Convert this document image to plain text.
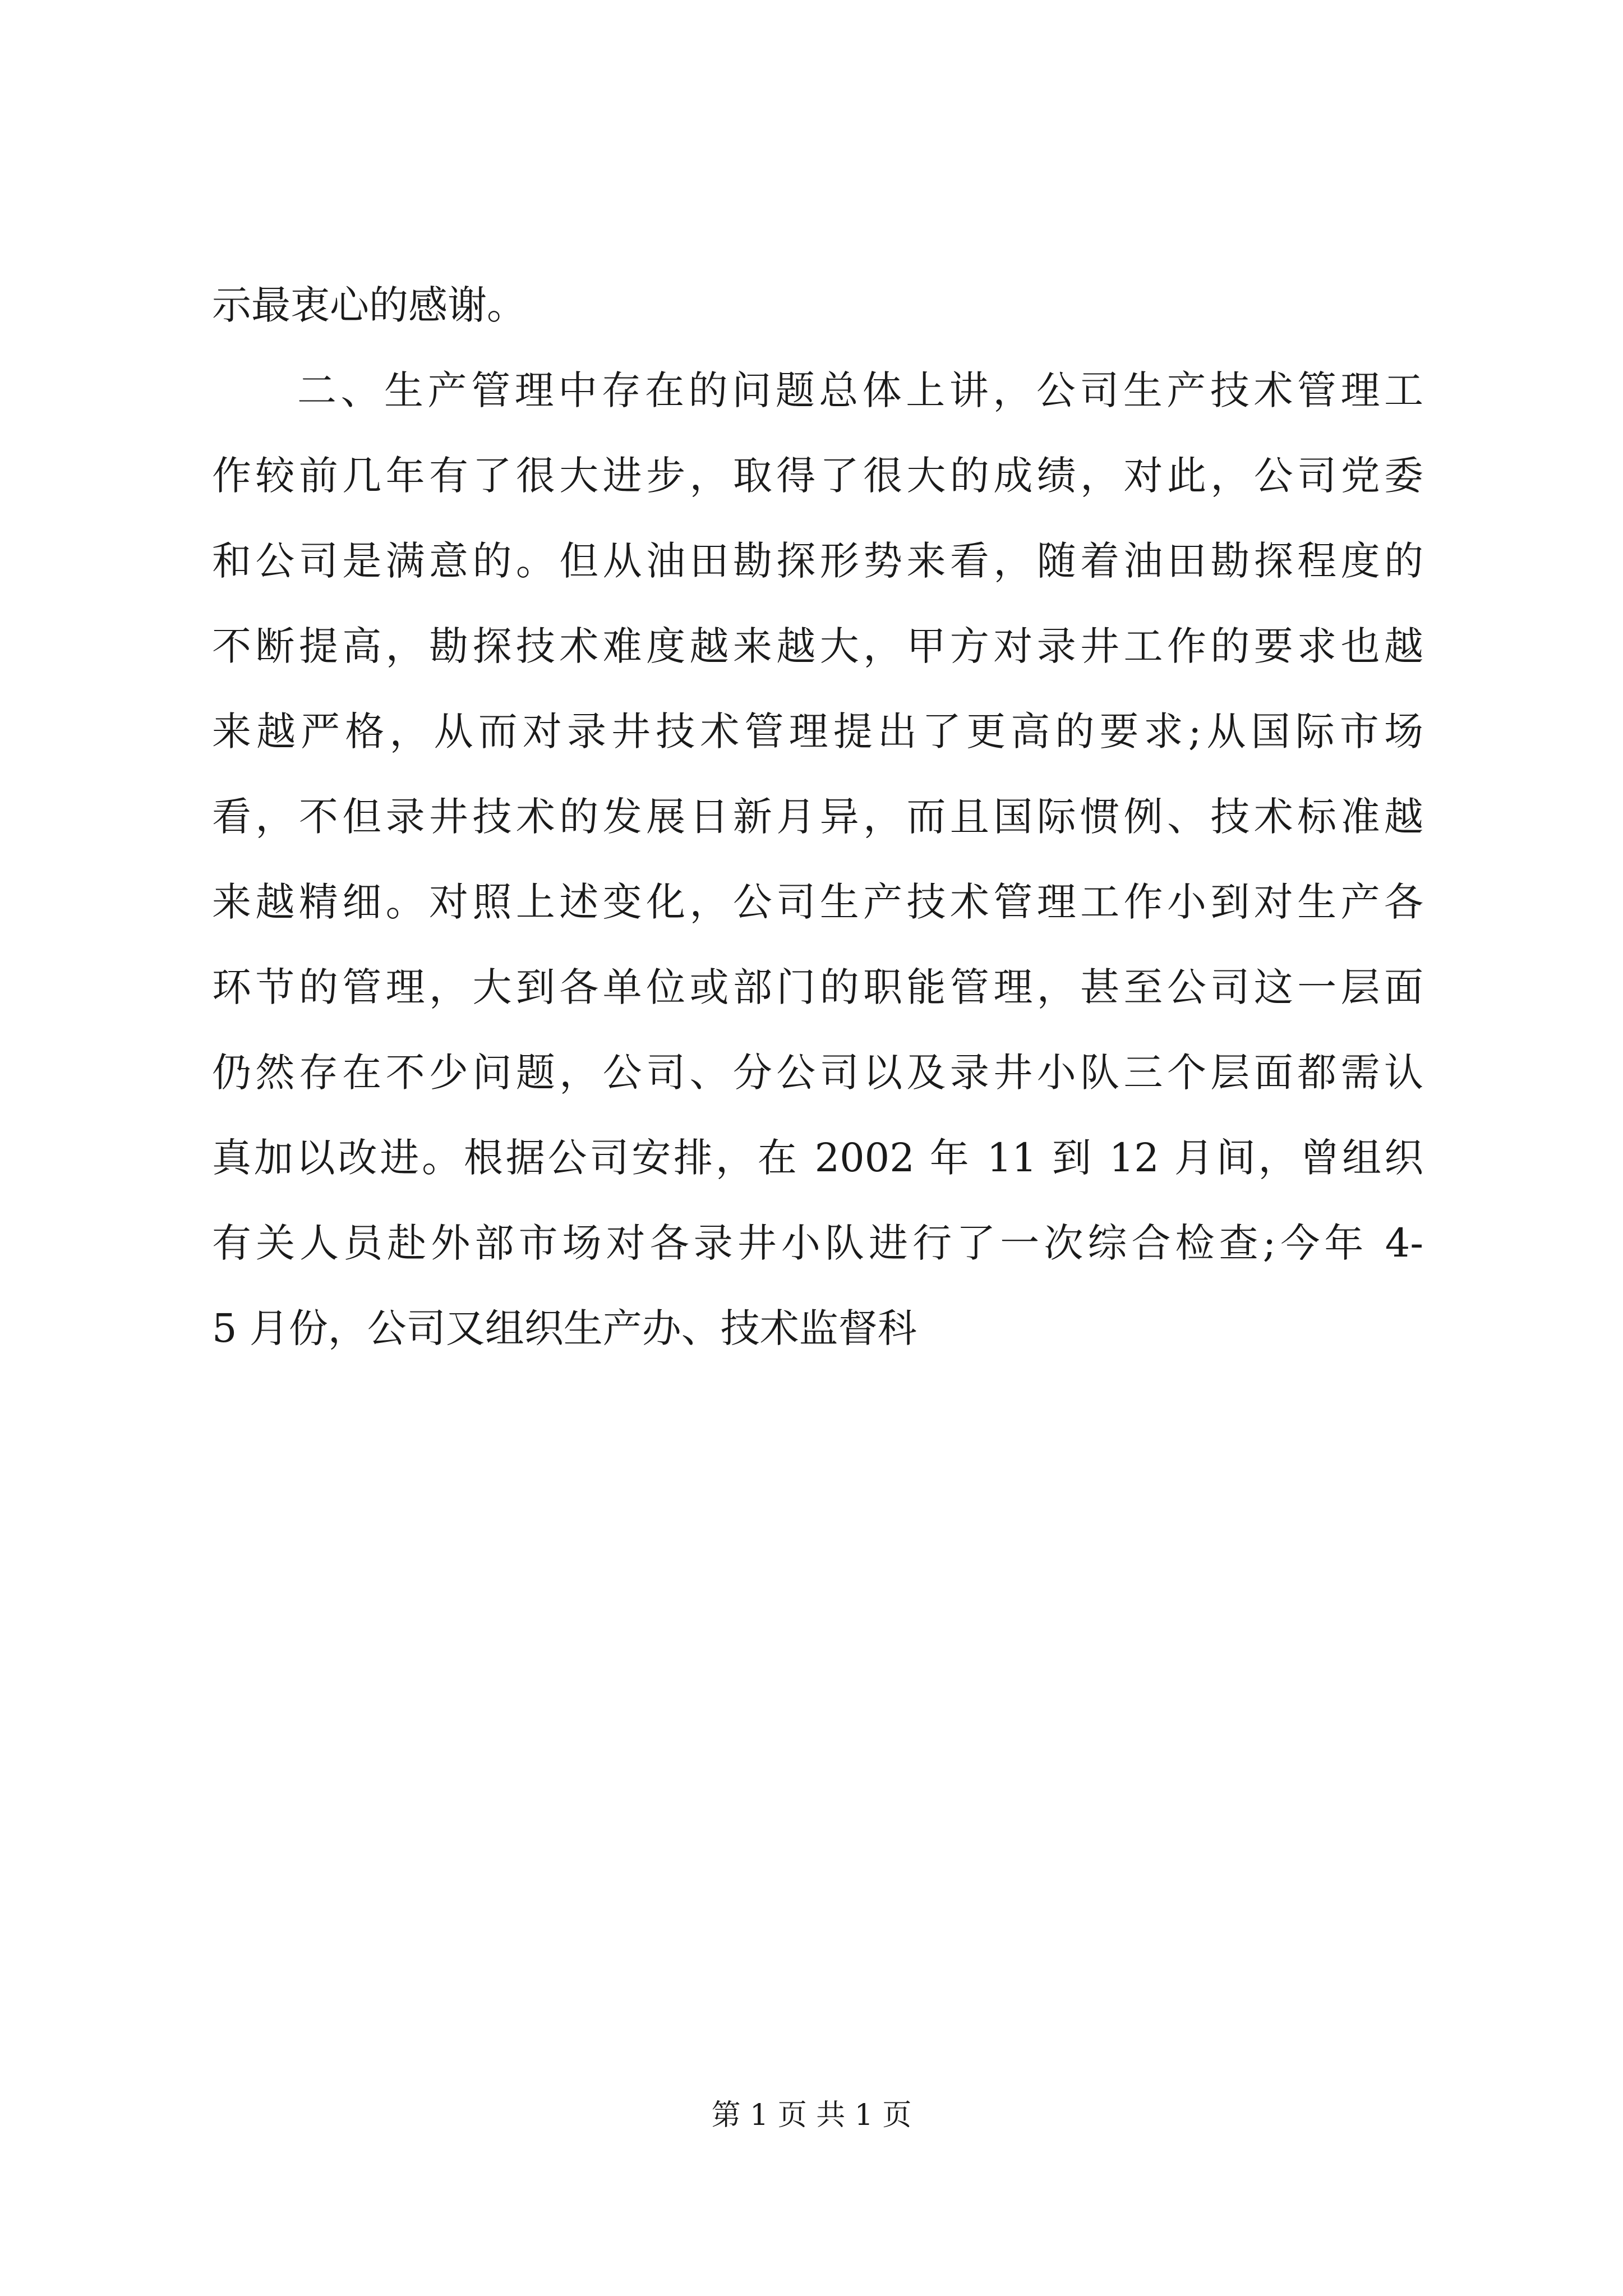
示最衷心的感谢。
二、生产管理中存在的问题总体上讲，公司生产技术管理工
作较前几年有了很大进步，取得了很大的成绩，对此，公司党委
和公司是满意的。但从油田勘探形势来看，随着油田勘探程度的
不断提高，勘探技术难度越来越大，甲方对录井工作的要求也越
来越严格，从而对录井技术管理提出了更高的要求;从国际市场
看，不但录井技术的发展日新月异，而且国际惯例、技术标准越
来越精细。对照上述变化，公司生产技术管理工作小到对生产各
环节的管理，大到各单位或部门的职能管理，甚至公司这一层面
仍然存在不少问题，公司、分公司以及录井小队三个层面都需认
真加以改进。根据公司安排，在 2002 年 11 到 12 月间，曾组织
有关人员赴外部市场对各录井小队进行了一次综合检查;今年 4-
5 月份，公司又组织生产办、技术监督科
第 1 页 共 1 页
